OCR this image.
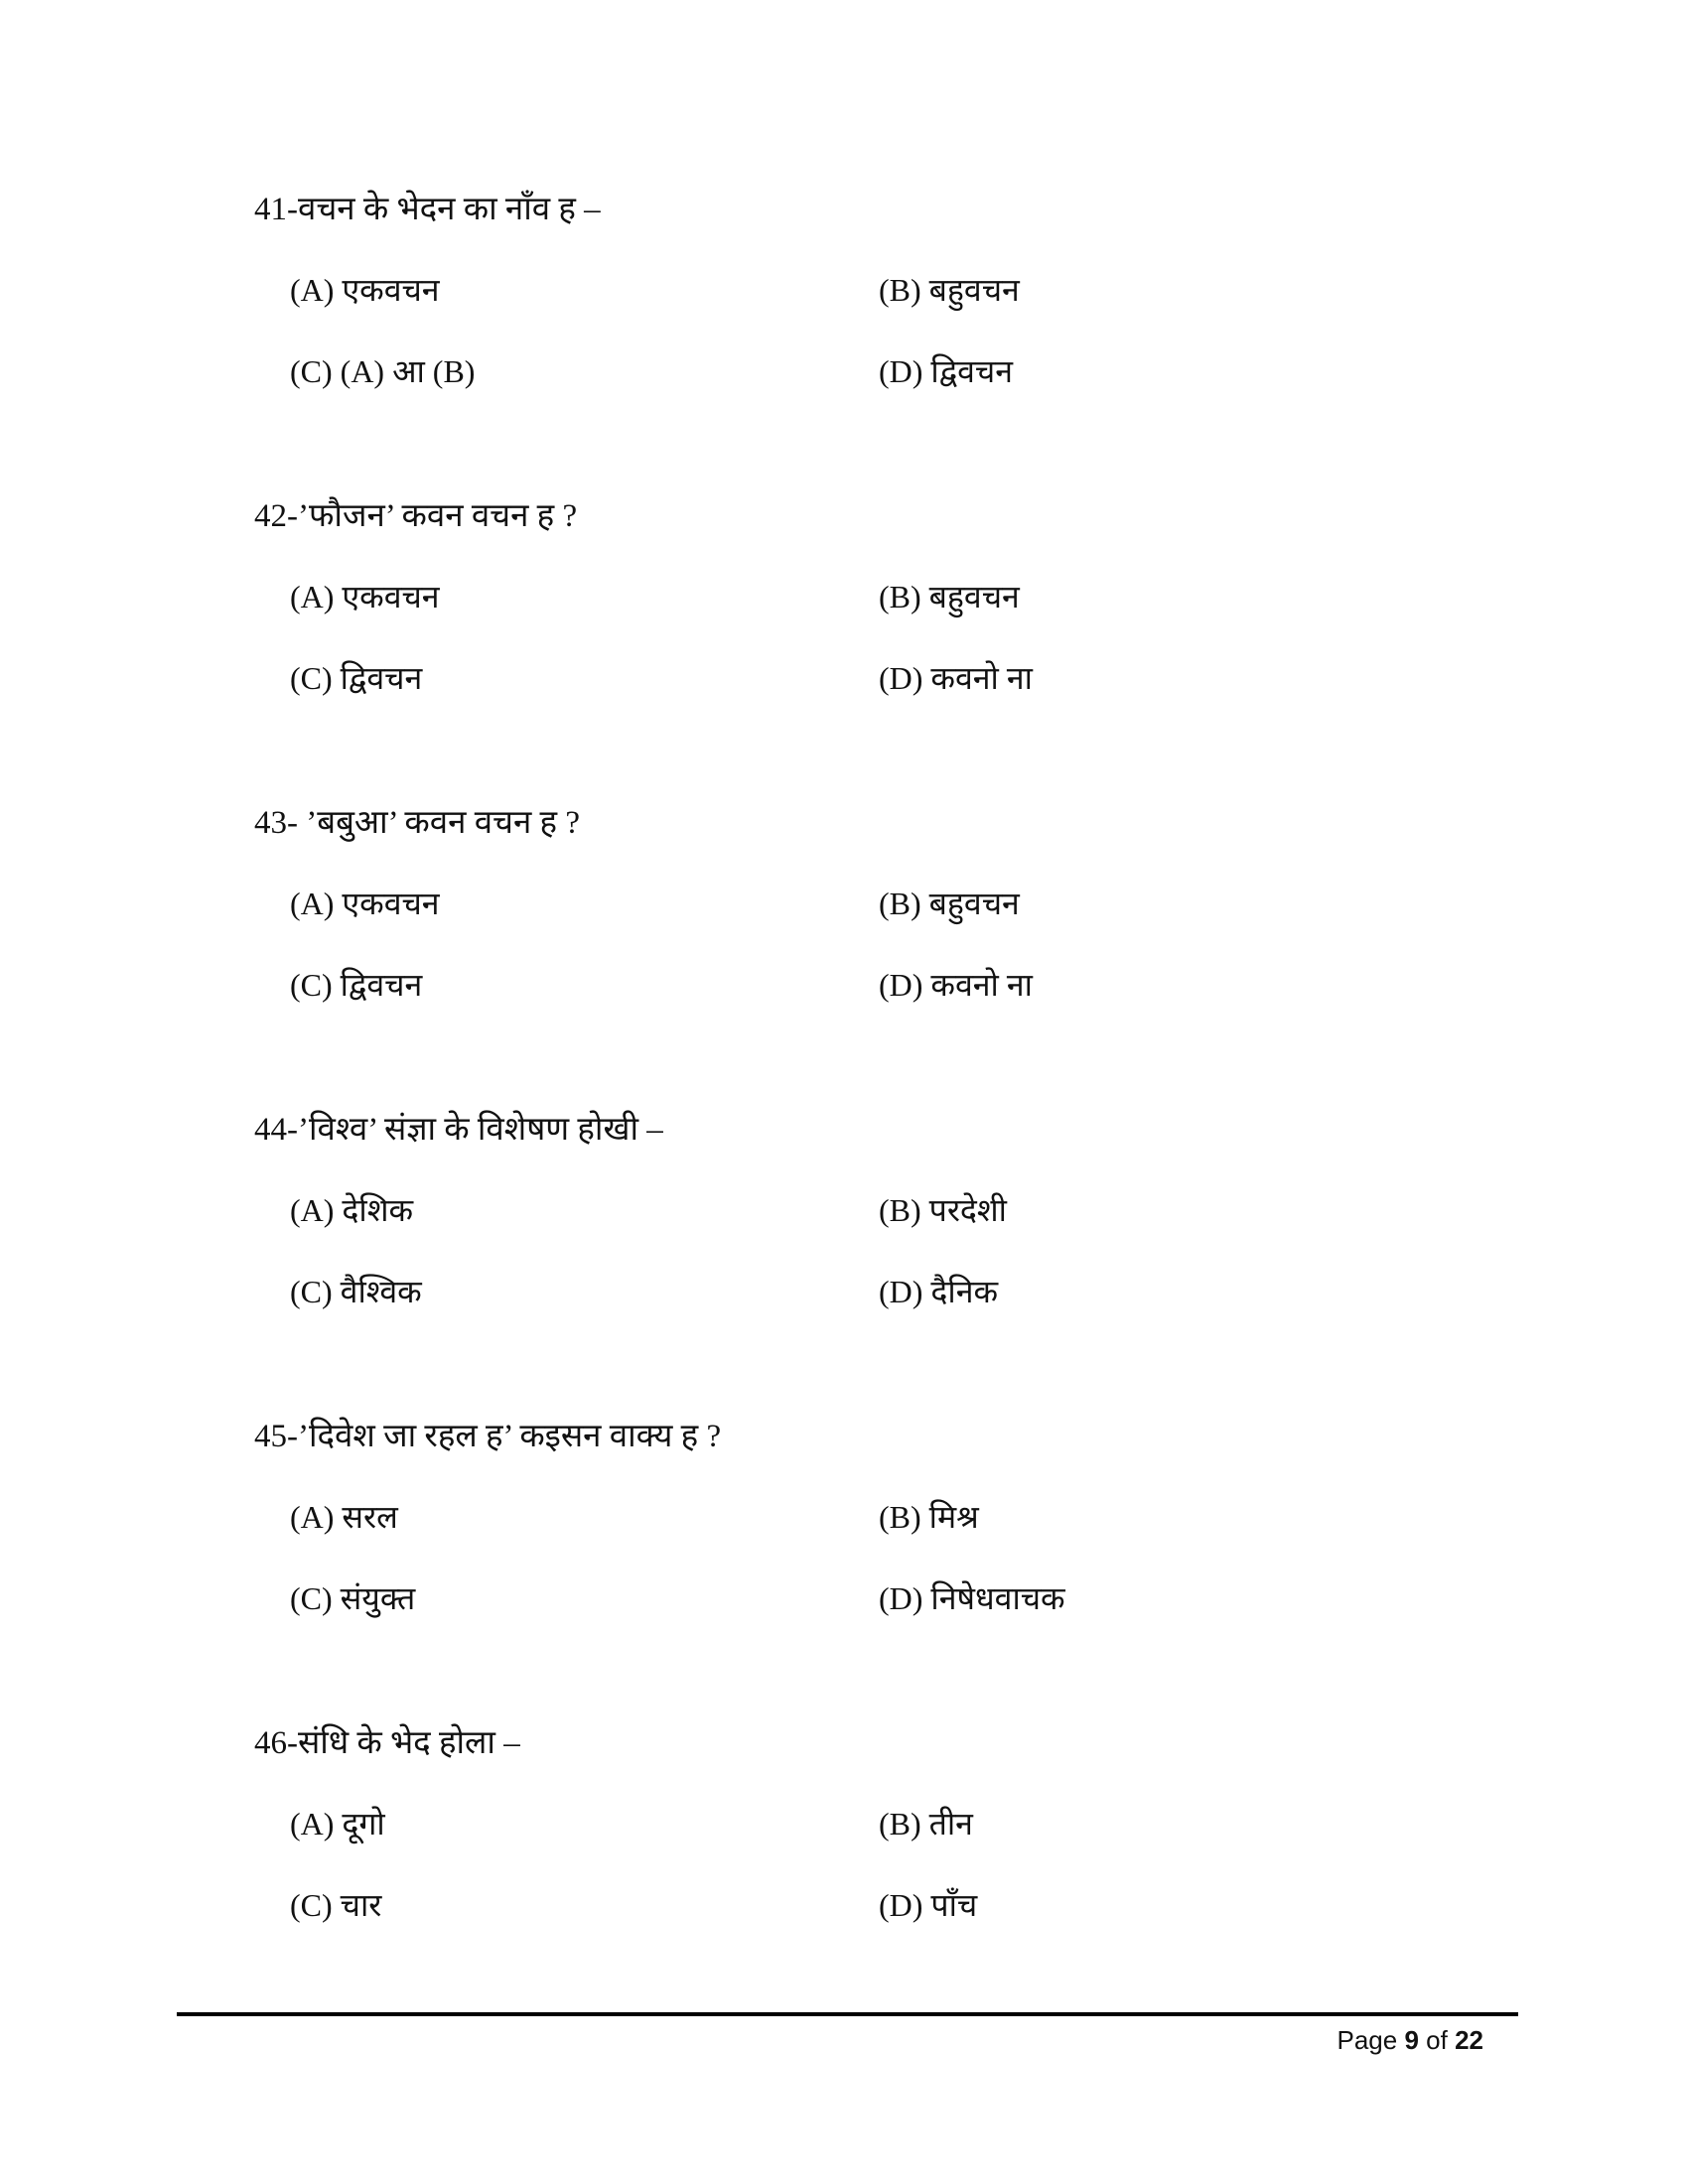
41-वचन के भेदन का नाँव ह –
(A) एकवचन	(B) बहुवचन
(C) (A) आ (B)	(D) द्विवचन
42-’फौजन’ कवन वचन ह ?
(A) एकवचन	(B) बहुवचन
(C) द्विवचन	(D) कवनो ना
43- ’बबुआ’ कवन वचन ह ?
(A) एकवचन	(B) बहुवचन
(C) द्विवचन	(D) कवनो ना
44-’विश्व’ संज्ञा के विशेषण होखी –
(A) देशिक	(B) परदेशी
(C) वैश्विक	(D) दैनिक
45-’दिवेश जा रहल ह’ कइसन वाक्य ह ?
(A) सरल	(B) मिश्र
(C) संयुक्त	(D) निषेधवाचक
46-संधि के भेद होला –
(A) दूगो	(B) तीन
(C) चार	(D) पाँच
Page 9 of 22
